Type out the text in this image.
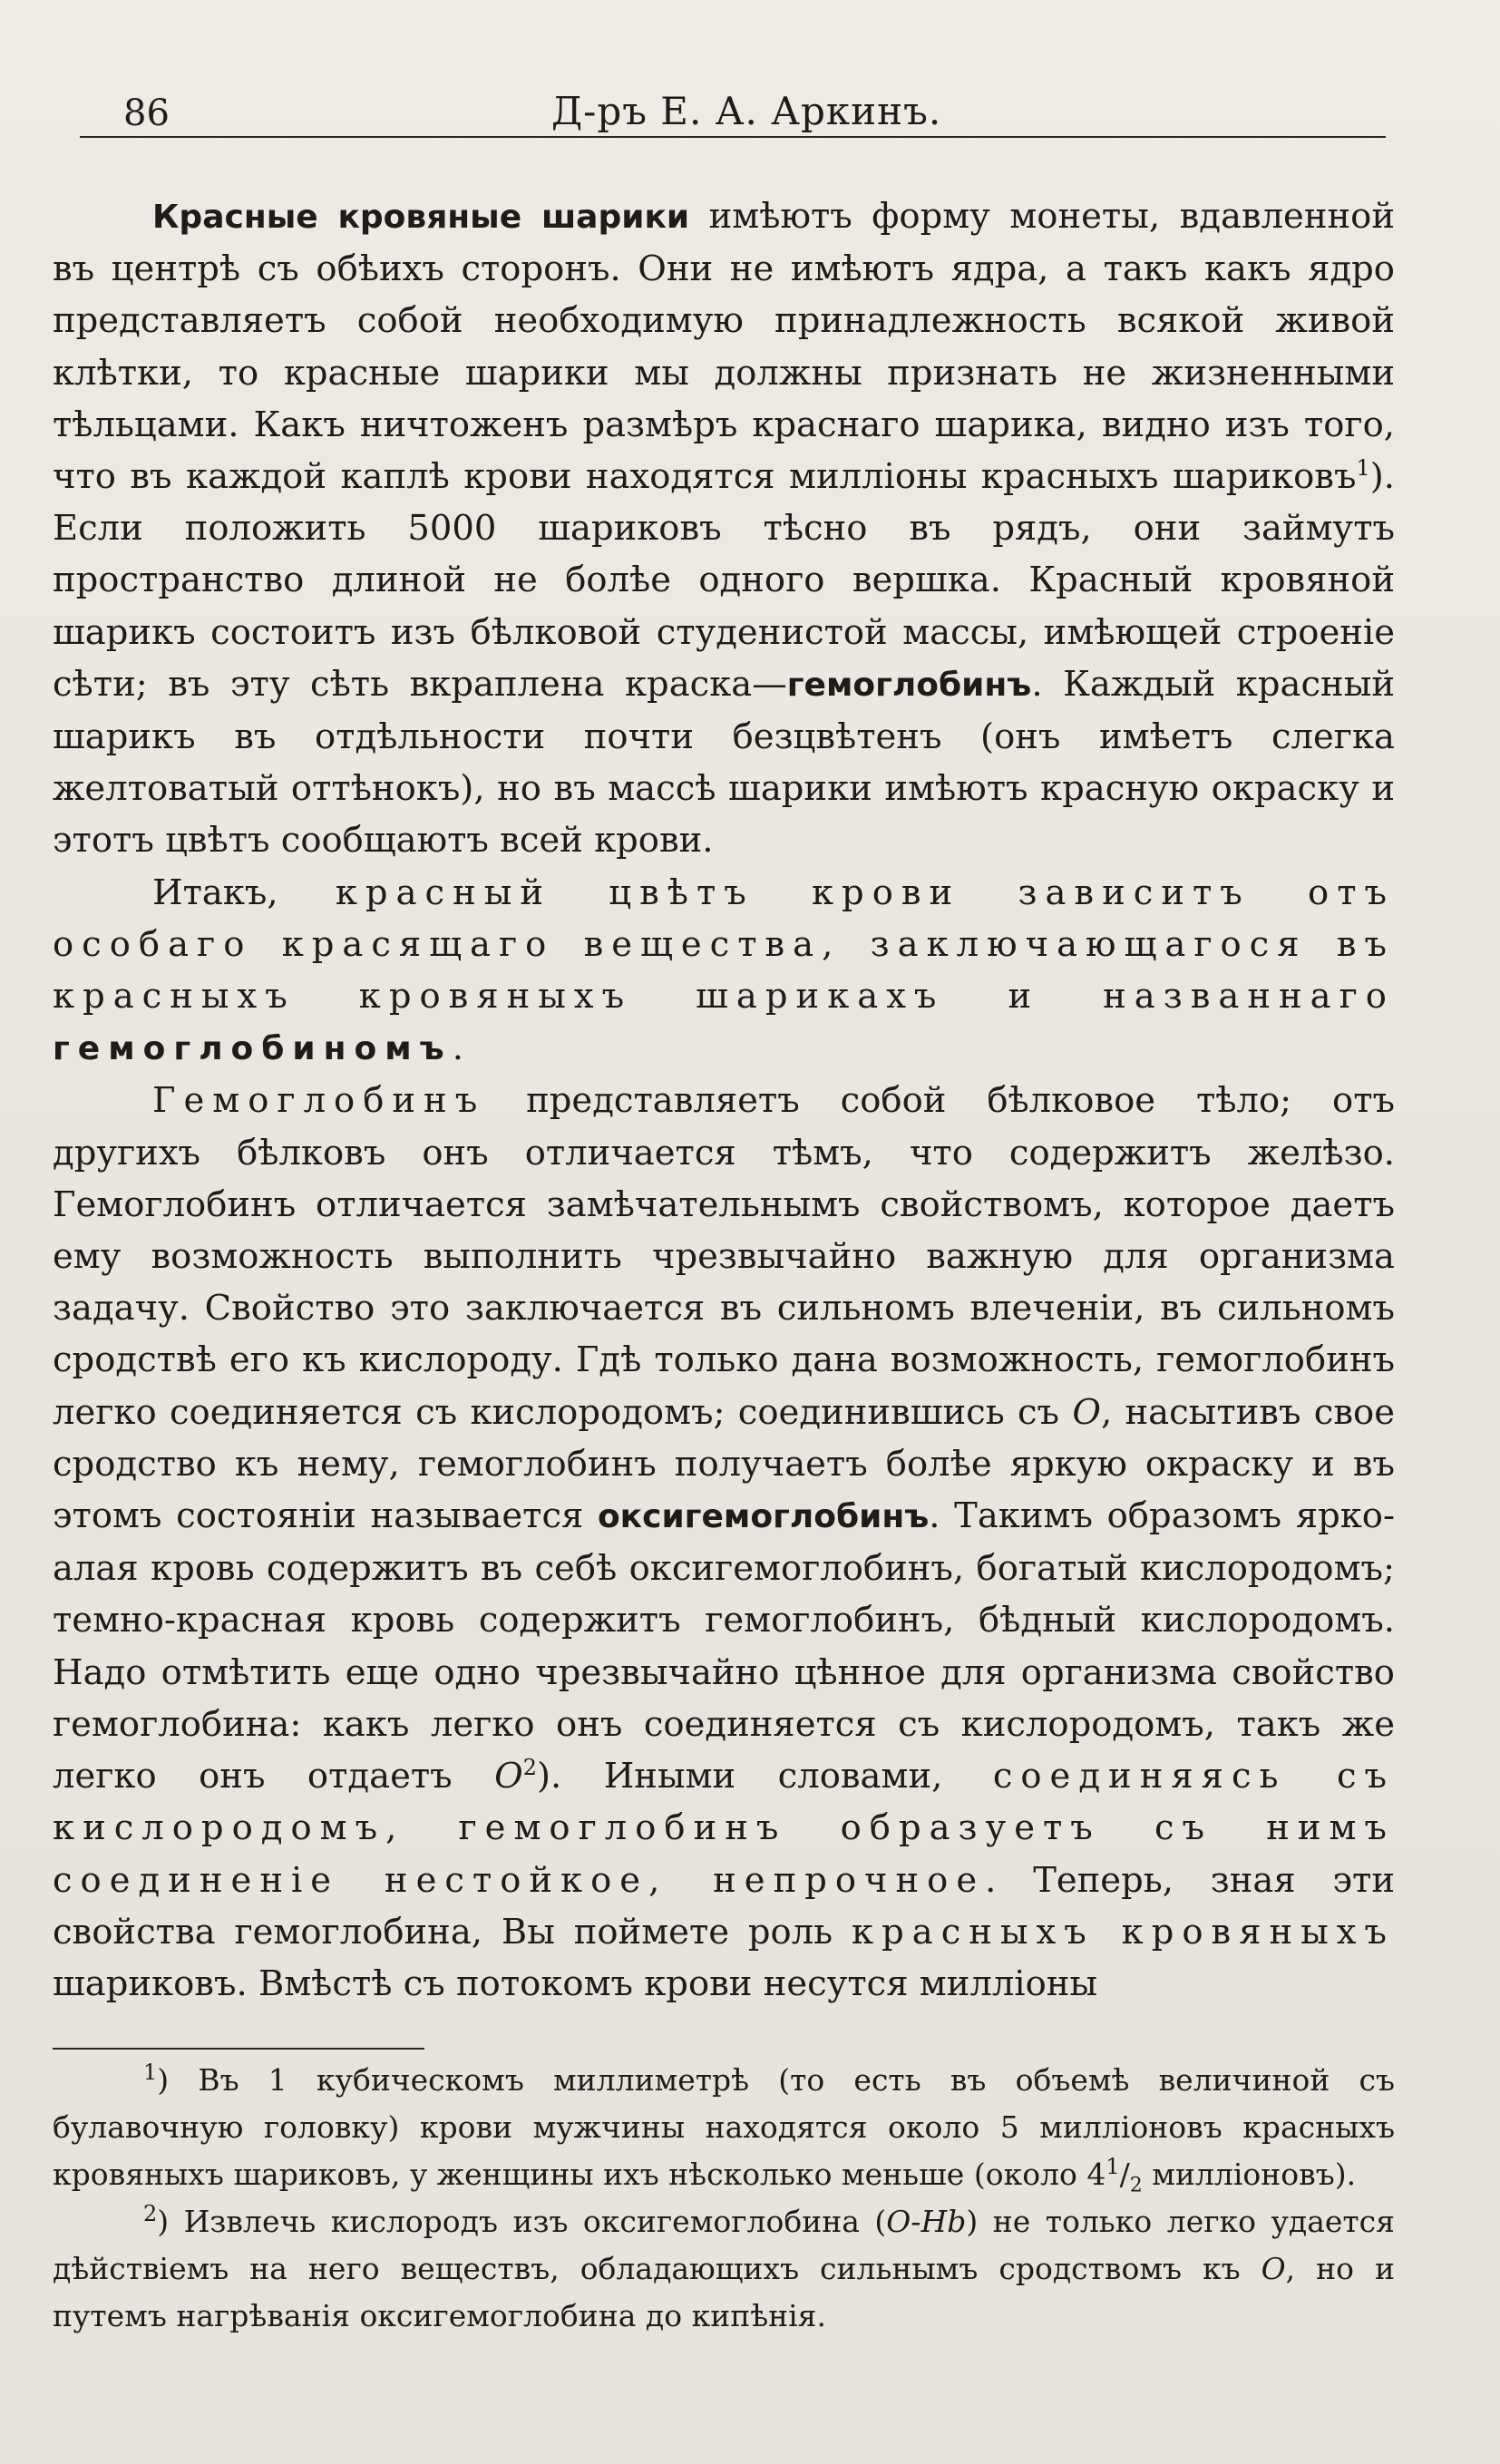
86	Д-ръ Е. А. Аркинъ.

Красные кровяные шарики имѣютъ форму монеты, вдавленной въ центрѣ съ обѣихъ сторонъ. Они не имѣютъ ядра, а такъ какъ ядро представляетъ собой необходимую принадлежность всякой живой клѣтки, то красные шарики мы должны признать не жизненными тѣльцами. Какъ ничтоженъ размѣръ краснаго шарика, видно изъ того, что въ каждой каплѣ крови находятся милліоны красныхъ шариковъ$^1$). Если положить 5000 шариковъ тѣсно въ рядъ, они займутъ пространство длиной не болѣе одного вершка. Красный кровяной шарикъ состоитъ изъ бѣлковой студенистой массы, имѣющей строеніе сѣти; въ эту сѣть вкраплена краска—гемоглобинъ. Каждый красный шарикъ въ отдѣльности почти безцвѣтенъ (онъ имѣетъ слегка желтоватый оттѣнокъ), но въ массѣ шарики имѣютъ красную окраску и этотъ цвѣтъ сообщаютъ всей крови.

Итакъ, красный цвѣтъ крови зависитъ отъ особаго красящаго вещества, заключающагося въ красныхъ кровяныхъ шарикахъ и названнаго гемоглобиномъ.

Гемоглобинъ представляетъ собой бѣлковое тѣло; отъ другихъ бѣлковъ онъ отличается тѣмъ, что содержитъ желѣзо. Гемоглобинъ отличается замѣчательнымъ свойствомъ, которое даетъ ему возможность выполнить чрезвычайно важную для организма задачу. Свойство это заключается въ сильномъ влеченіи, въ сильномъ сродствѣ его къ кислороду. Гдѣ только дана возможность, гемоглобинъ легко соединяется съ кислородомъ; соединившись съ О, насытивъ свое сродство къ нему, гемоглобинъ получаетъ болѣе яркую окраску и въ этомъ состояніи называется оксигемоглобинъ. Такимъ образомъ ярко-алая кровь содержитъ въ себѣ оксигемоглобинъ, богатый кислородомъ; темно-красная кровь содержитъ гемоглобинъ, бѣдный кислородомъ. Надо отмѣтить еще одно чрезвычайно цѣнное для организма свойство гемоглобина: какъ легко онъ соединяется съ кислородомъ, такъ же легко онъ отдаетъ $О^2$). Иными словами, соединяясь съ кислородомъ, гемоглобинъ образуетъ съ нимъ соединеніе нестойкое, непрочное. Теперь, зная эти свойства гемоглобина, Вы поймете роль красныхъ кровяныхъ шариковъ. Вмѣстѣ съ потокомъ крови несутся милліоны

$^1$) Въ 1 кубическомъ миллиметрѣ (то есть въ объемѣ величиной съ булавочную головку) крови мужчины находятся около 5 милліоновъ красныхъ кровяныхъ шариковъ, у женщины ихъ нѣсколько меньше (около $4^1/_2$ милліоновъ).

$^2$) Извлечь кислородъ изъ оксигемоглобина (О-Hb) не только легко удается дѣйствіемъ на него веществъ, обладающихъ сильнымъ сродствомъ къ О, но и путемъ нагрѣванія оксигемоглобина до кипѣнія.
